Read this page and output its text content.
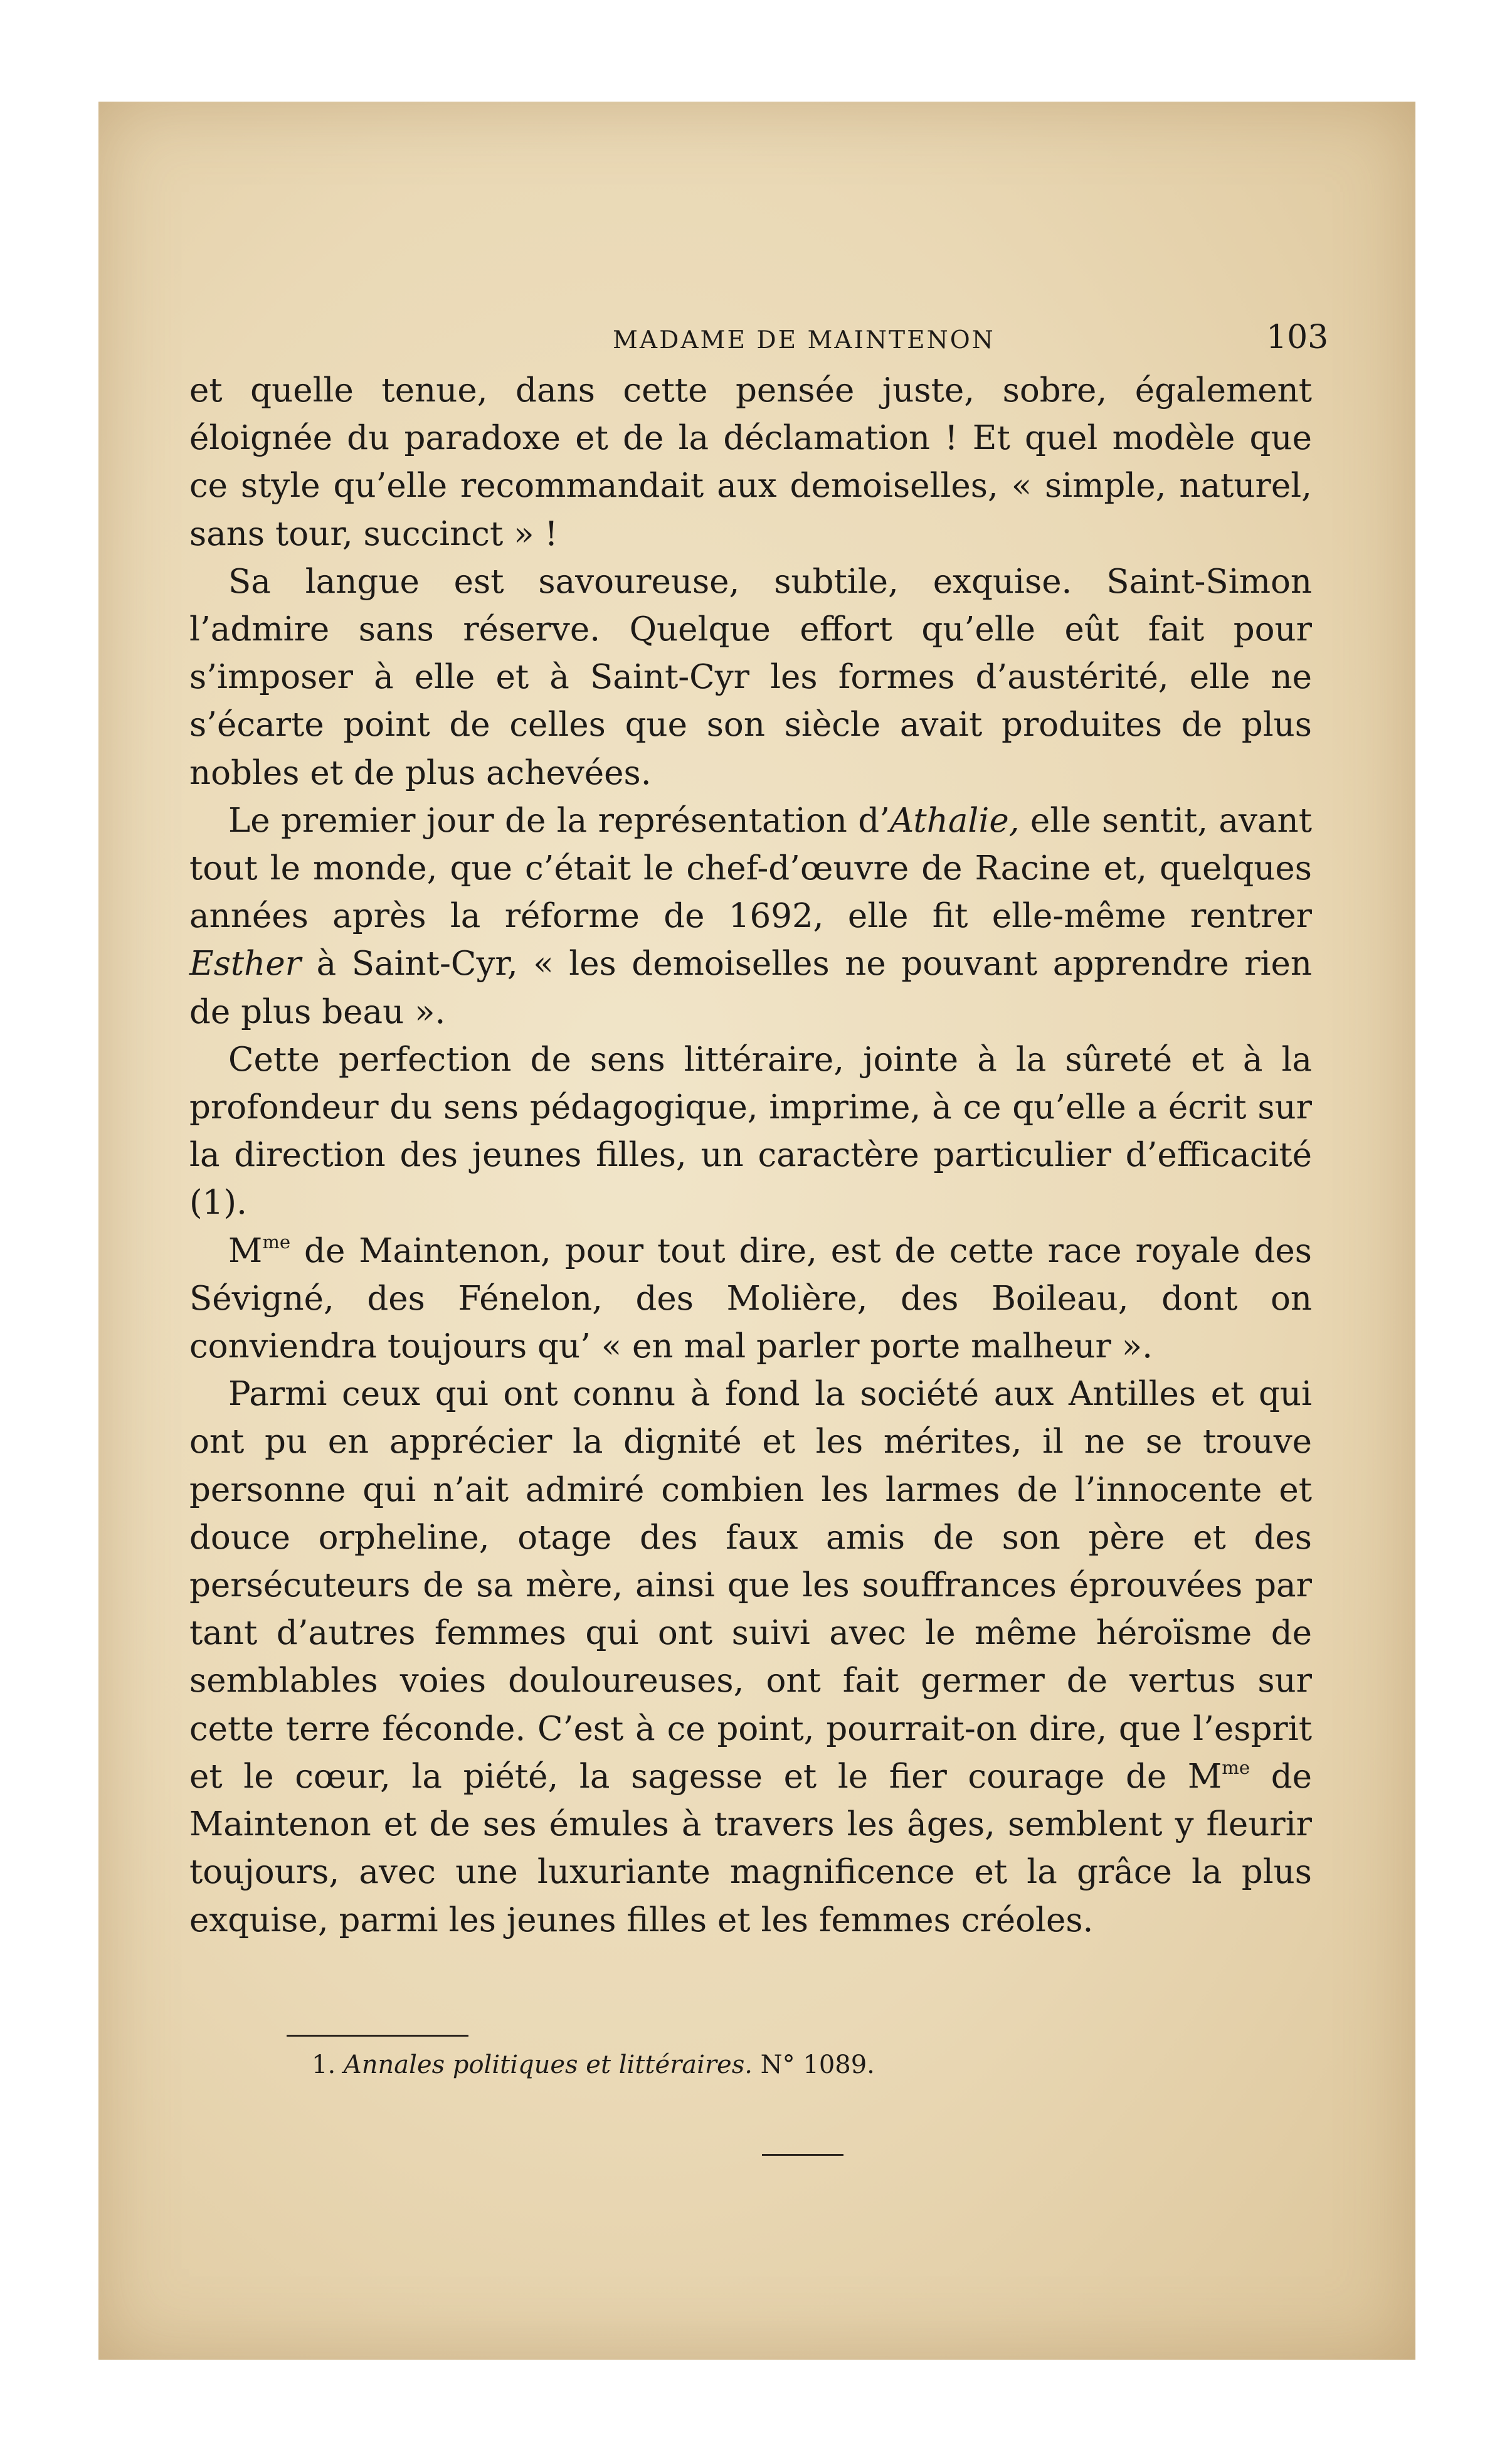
MADAME DE MAINTENON	103

et quelle tenue, dans cette pensée juste, sobre, également éloignée du paradoxe et de la déclamation ! Et quel modèle que ce style qu’elle recommandait aux demoiselles, « simple, naturel, sans tour, succinct » !

Sa langue est savoureuse, subtile, exquise. Saint-Simon l’admire sans réserve. Quelque effort qu’elle eût fait pour s’imposer à elle et à Saint-Cyr les formes d’austérité, elle ne s’écarte point de celles que son siècle avait produites de plus nobles et de plus achevées.

Le premier jour de la représentation d’Athalie, elle sentit, avant tout le monde, que c’était le chef-d’œuvre de Racine et, quelques années après la réforme de 1692, elle fit elle-même rentrer Esther à Saint-Cyr, « les demoiselles ne pouvant apprendre rien de plus beau ».

Cette perfection de sens littéraire, jointe à la sûreté et à la profondeur du sens pédagogique, imprime, à ce qu’elle a écrit sur la direction des jeunes filles, un caractère particulier d’efficacité (1).

$M^{me}$ de Maintenon, pour tout dire, est de cette race royale des Sévigné, des Fénelon, des Molière, des Boileau, dont on conviendra toujours qu’ « en mal parler porte malheur ».

Parmi ceux qui ont connu à fond la société aux Antilles et qui ont pu en apprécier la dignité et les mérites, il ne se trouve personne qui n’ait admiré combien les larmes de l’innocente et douce orpheline, otage des faux amis de son père et des persécuteurs de sa mère, ainsi que les souffrances éprouvées par tant d’autres femmes qui ont suivi avec le même héroïsme de semblables voies douloureuses, ont fait germer de vertus sur cette terre féconde. C’est à ce point, pourrait-on dire, que l’esprit et le cœur, la piété, la sagesse et le fier courage de $M^{me}$ de Maintenon et de ses émules à travers les âges, semblent y fleurir toujours, avec une luxuriante magnificence et la grâce la plus exquise, parmi les jeunes filles et les femmes créoles.

1. Annales politiques et littéraires. N° 1089.
